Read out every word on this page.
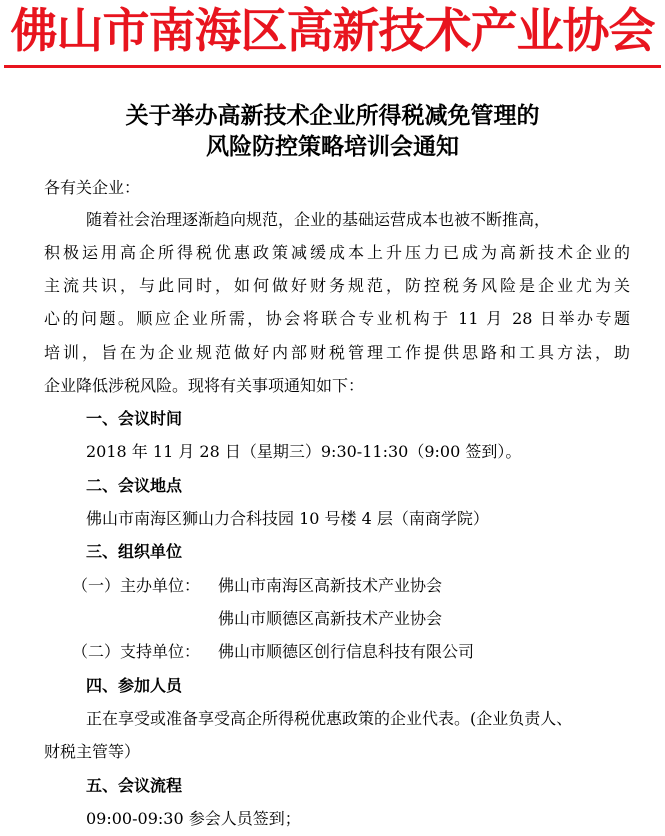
佛山市南海区高新技术产业协会
关于举办高新技术企业所得税减免管理的
风险防控策略培训会通知
各有关企业：
随着社会治理逐渐趋向规范，企业的基础运营成本也被不断推高，
积极运用高企所得税优惠政策减缓成本上升压力已成为高新技术企业的
主流共识，与此同时，如何做好财务规范，防控税务风险是企业尤为关
心的问题。顺应企业所需，协会将联合专业机构于 11 月 28 日举办专题
培训，旨在为企业规范做好内部财税管理工作提供思路和工具方法，助
企业降低涉税风险。现将有关事项通知如下：
一、会议时间
2018 年 11 月 28 日（星期三）9:30-11:30（9:00 签到）。
二、会议地点
佛山市南海区狮山力合科技园 10 号楼 4 层（南商学院）
三、组织单位
（一）主办单位： 佛山市南海区高新技术产业协会
佛山市顺德区高新技术产业协会
（二）支持单位： 佛山市顺德区创行信息科技有限公司
四、参加人员
正在享受或准备享受高企所得税优惠政策的企业代表。(企业负责人、
财税主管等）
五、会议流程
09:00-09:30 参会人员签到；
